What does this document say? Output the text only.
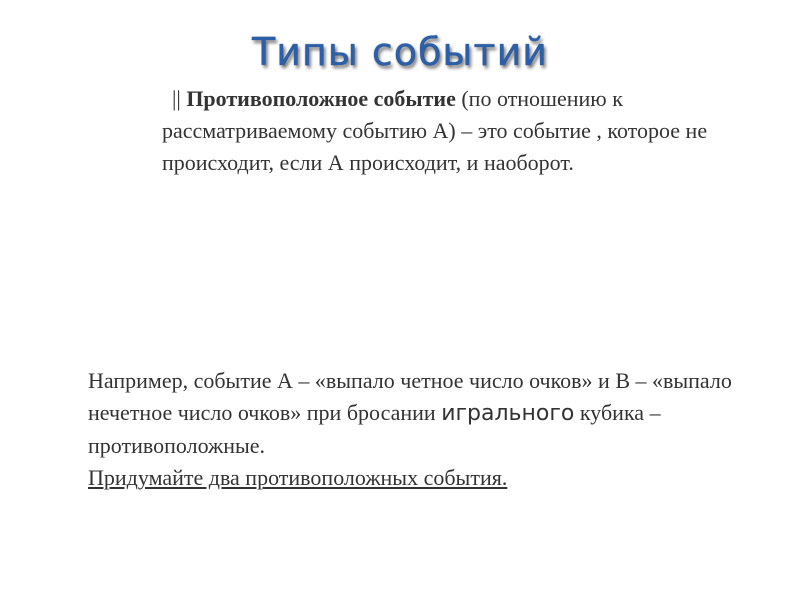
Типы событий
|| Противоположное событие (по отношению к рассматриваемому событию А) – это событие , которое не происходит, если А происходит, и наоборот.
Например, событие А – «выпало четное число очков» и В – «выпало нечетное число очков» при бросании игрального кубика – противоположные.
Придумайте два противоположных события.
